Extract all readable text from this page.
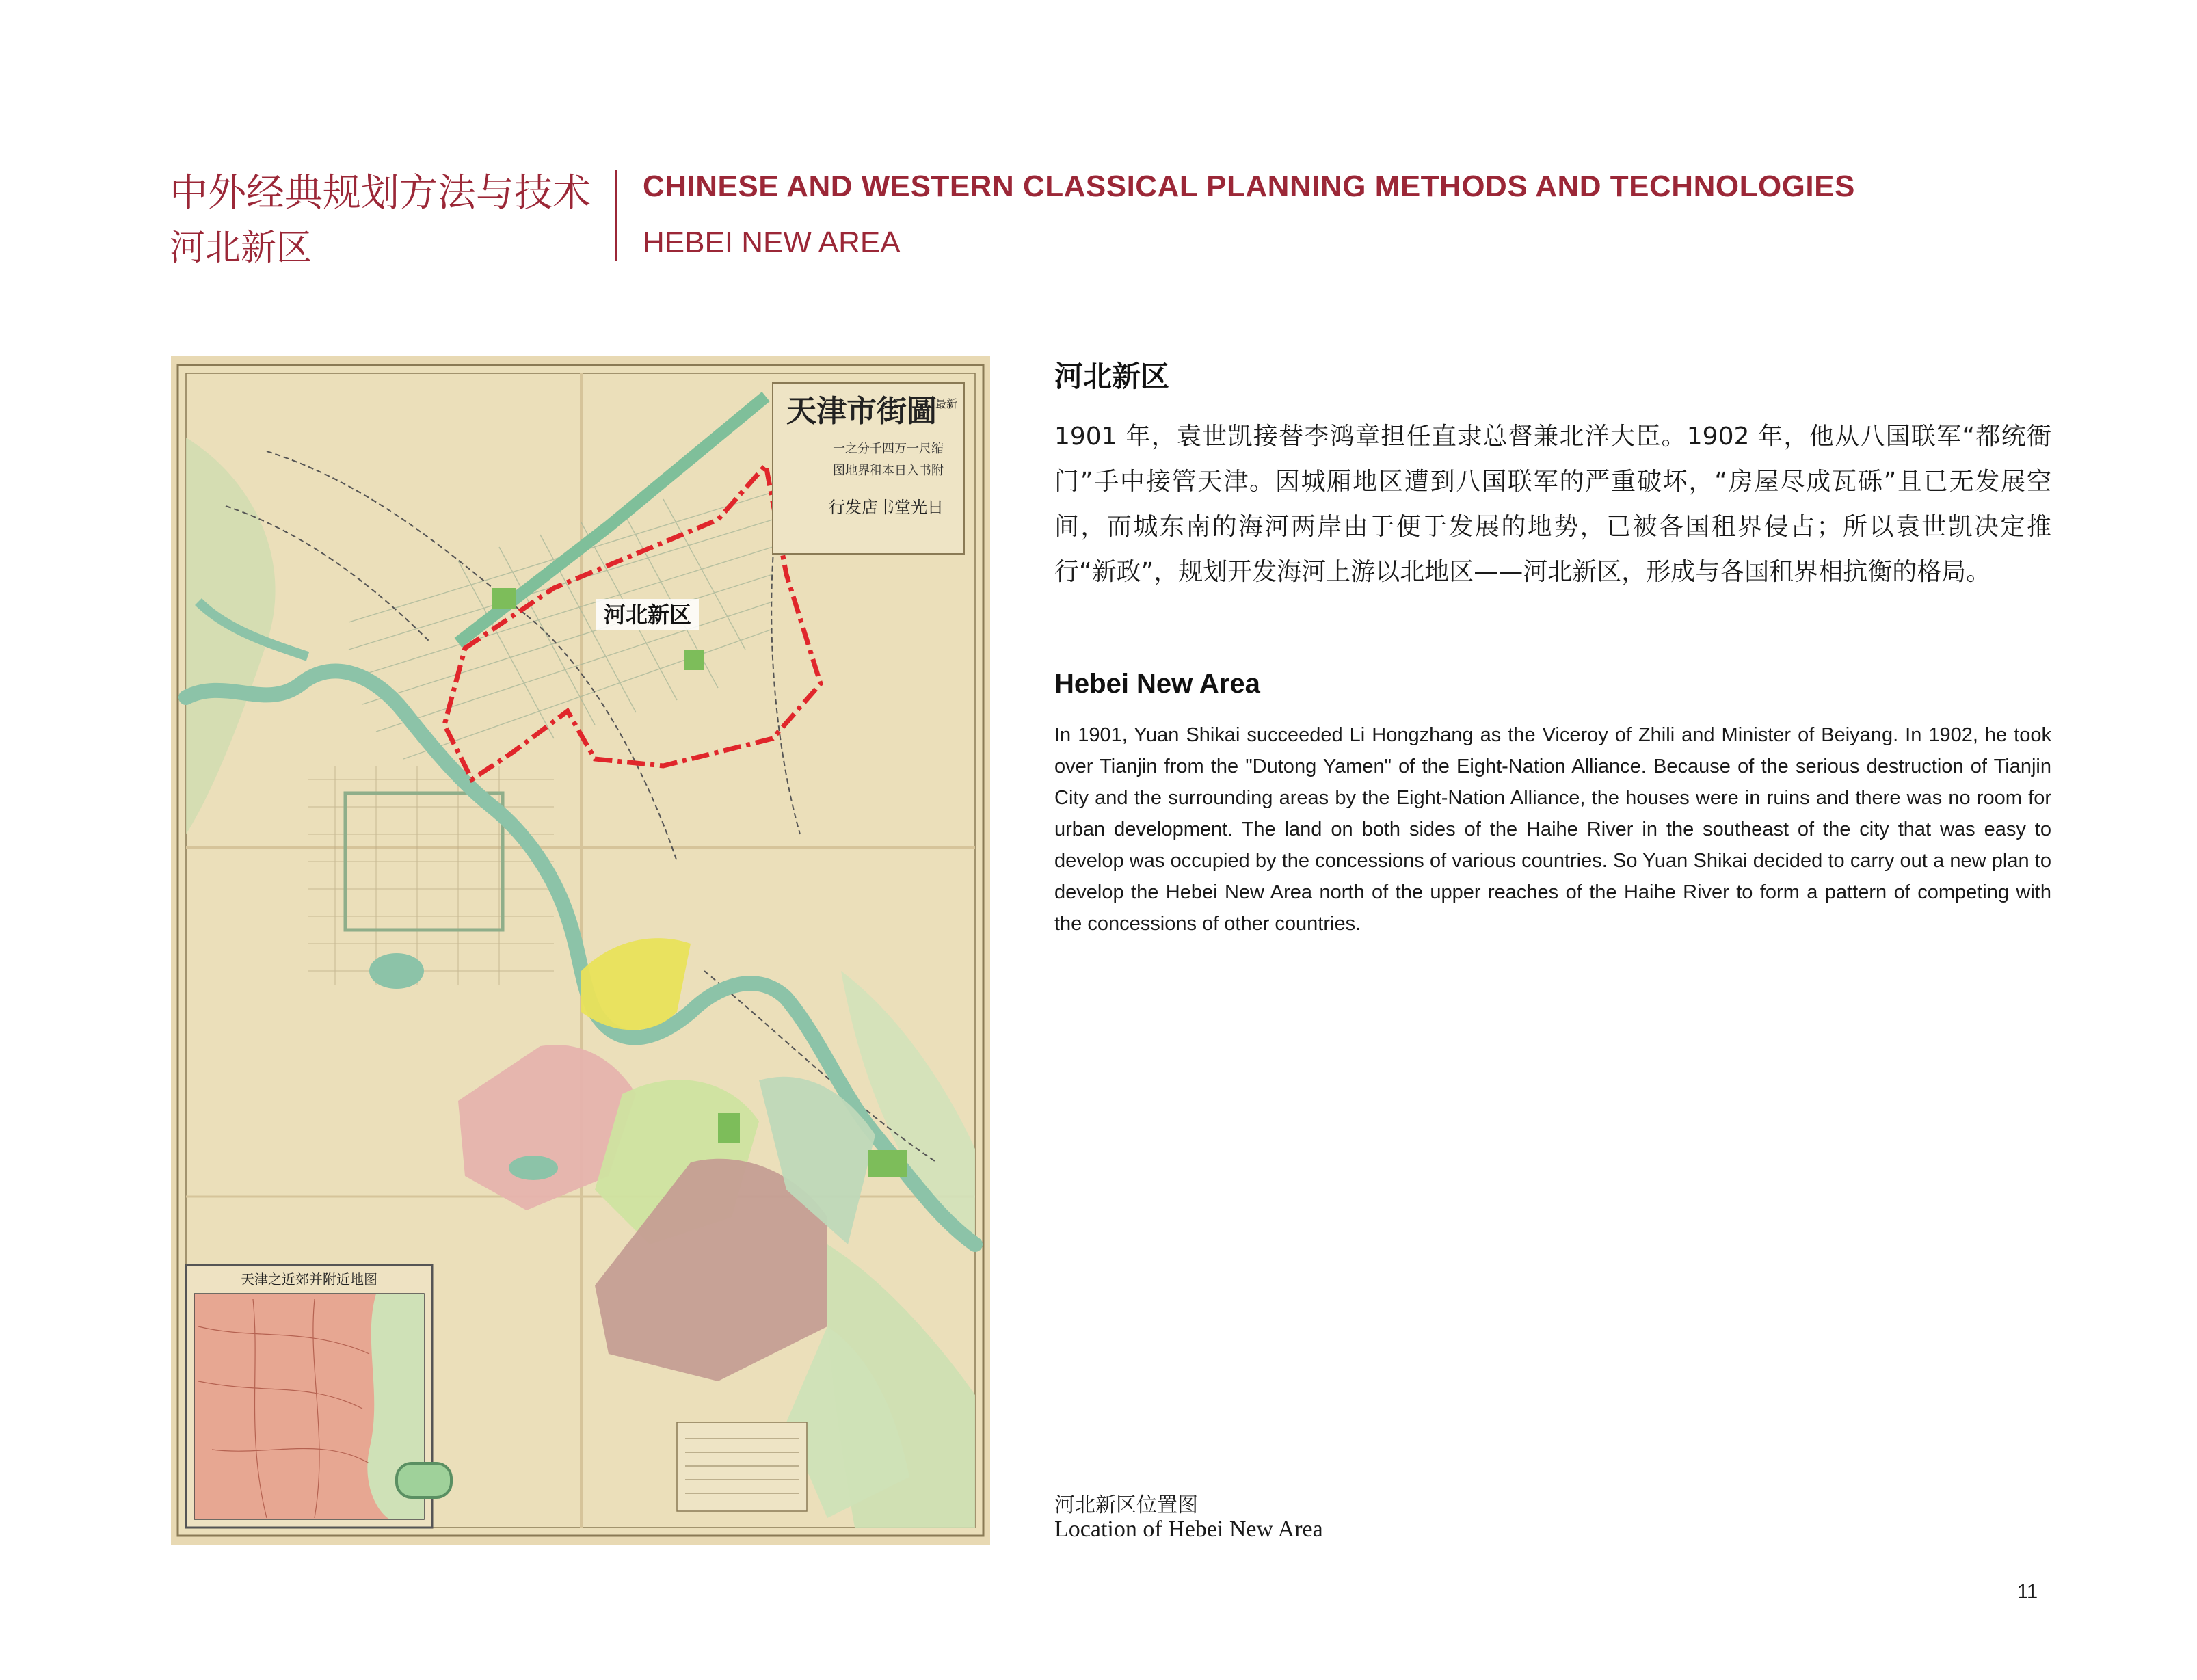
中外经典规划方法与技术
河北新区
CHINESE AND WESTERN CLASSICAL PLANNING METHODS AND TECHNOLOGIES
HEBEI NEW AREA
河北新区
天津市街圖
最新
一之分千四万一尺缩
图地界租本日入书附
行发店书堂光日
天津之近郊并附近地图
河北新区
1901 年，袁世凯接替李鸿章担任直隶总督兼北洋大臣。1902 年，他从八国联军“都统衙门”手中接管天津。因城厢地区遭到八国联军的严重破坏，“房屋尽成瓦砾”且已无发展空间，而城东南的海河两岸由于便于发展的地势，已被各国租界侵占；所以袁世凯决定推行“新政”，规划开发海河上游以北地区——河北新区，形成与各国租界相抗衡的格局。
Hebei New Area
In 1901, Yuan Shikai succeeded Li Hongzhang as the Viceroy of Zhili and Minister of Beiyang. In 1902, he took over Tianjin from the "Dutong Yamen" of the Eight-Nation Alliance. Because of the serious destruction of Tianjin City and the surrounding areas by the Eight-Nation Alliance, the houses were in ruins and there was no room for urban development. The land on both sides of the Haihe River in the southeast of the city that was easy to develop was occupied by the concessions of various countries. So Yuan Shikai decided to carry out a new plan to develop the Hebei New Area north of the upper reaches of the Haihe River to form a pattern of competing with the concessions of other countries.
河北新区位置图
Location of Hebei New Area
11
